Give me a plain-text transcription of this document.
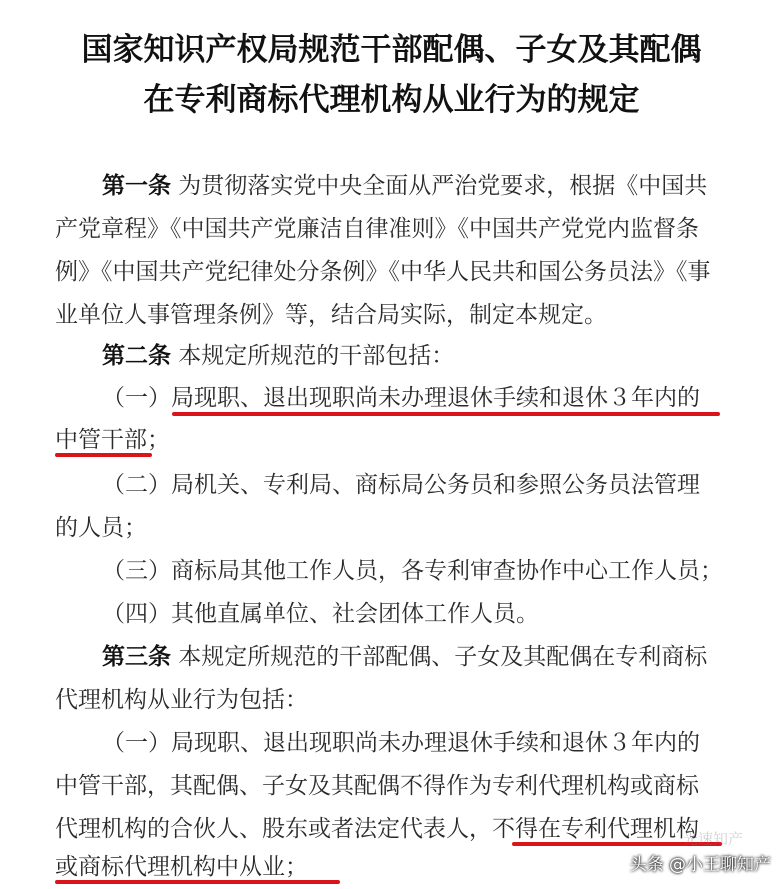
国家知识产权局规范干部配偶、子女及其配偶
在专利商标代理机构从业行为的规定
第一条 为贯彻落实党中央全面从严治党要求，根据《中国共
产党章程》《中国共产党廉洁自律准则》《中国共产党党内监督条
例》《中国共产党纪律处分条例》《中华人民共和国公务员法》《事
业单位人事管理条例》等，结合局实际，制定本规定。
第二条 本规定所规范的干部包括：
（一）局现职、退出现职尚未办理退休手续和退休３年内的
中管干部；
（二）局机关、专利局、商标局公务员和参照公务员法管理
的人员；
（三）商标局其他工作人员，各专利审查协作中心工作人员；
（四）其他直属单位、社会团体工作人员。
第三条 本规定所规范的干部配偶、子女及其配偶在专利商标
代理机构从业行为包括：
（一）局现职、退出现职尚未办理退休手续和退休３年内的
中管干部，其配偶、子女及其配偶不得作为专利代理机构或商标
代理机构的合伙人、股东或者法定代表人，不得在专利代理机构
或商标代理机构中从业；
光速知产
头条 @小王聊知产
